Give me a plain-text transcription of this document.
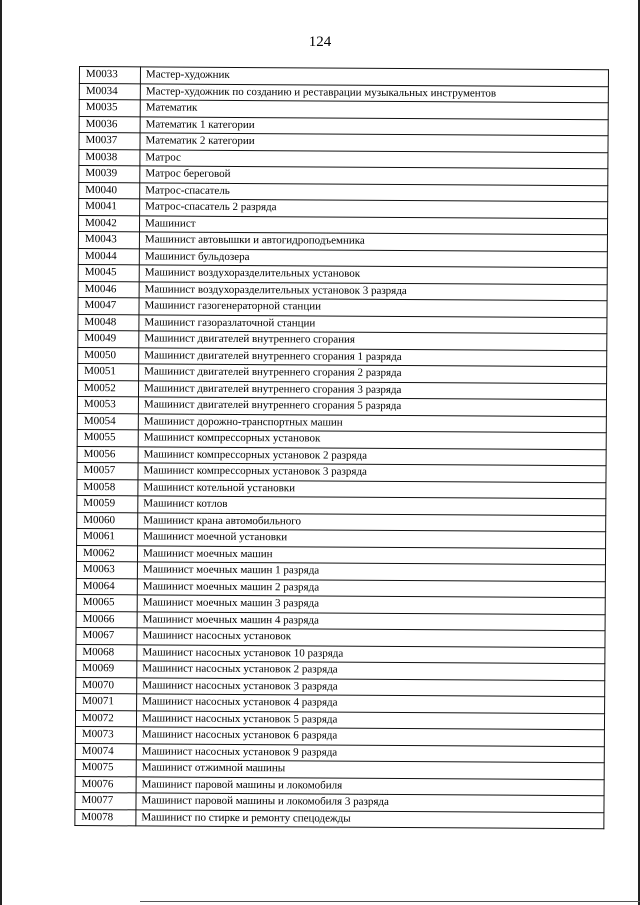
124
M0033	Мастер-художник
M0034	Мастер-художник по созданию и реставрации музыкальных инструментов
M0035	Математик
M0036	Математик 1 категории
M0037	Математик 2 категории
M0038	Матрос
M0039	Матрос береговой
M0040	Матрос-спасатель
M0041	Матрос-спасатель 2 разряда
M0042	Машинист
M0043	Машинист автовышки и автогидроподъемника
M0044	Машинист бульдозера
M0045	Машинист воздухоразделительных установок
M0046	Машинист воздухоразделительных установок 3 разряда
M0047	Машинист газогенераторной станции
M0048	Машинист газоразлаточной станции
M0049	Машинист двигателей внутреннего сгорания
M0050	Машинист двигателей внутреннего сгорания 1 разряда
M0051	Машинист двигателей внутреннего сгорания 2 разряда
M0052	Машинист двигателей внутреннего сгорания 3 разряда
M0053	Машинист двигателей внутреннего сгорания 5 разряда
M0054	Машинист дорожно-транспортных машин
M0055	Машинист компрессорных установок
M0056	Машинист компрессорных установок 2 разряда
M0057	Машинист компрессорных установок 3 разряда
M0058	Машинист котельной установки
M0059	Машинист котлов
M0060	Машинист крана автомобильного
M0061	Машинист моечной установки
M0062	Машинист моечных машин
M0063	Машинист моечных машин 1 разряда
M0064	Машинист моечных машин 2 разряда
M0065	Машинист моечных машин 3 разряда
M0066	Машинист моечных машин 4 разряда
M0067	Машинист насосных установок
M0068	Машинист насосных установок 10 разряда
M0069	Машинист насосных установок 2 разряда
M0070	Машинист насосных установок 3 разряда
M0071	Машинист насосных установок 4 разряда
M0072	Машинист насосных установок 5 разряда
M0073	Машинист насосных установок 6 разряда
M0074	Машинист насосных установок 9 разряда
M0075	Машинист отжимной машины
M0076	Машинист паровой машины и локомобиля
M0077	Машинист паровой машины и локомобиля 3 разряда
M0078	Машинист по стирке и ремонту спецодежды
